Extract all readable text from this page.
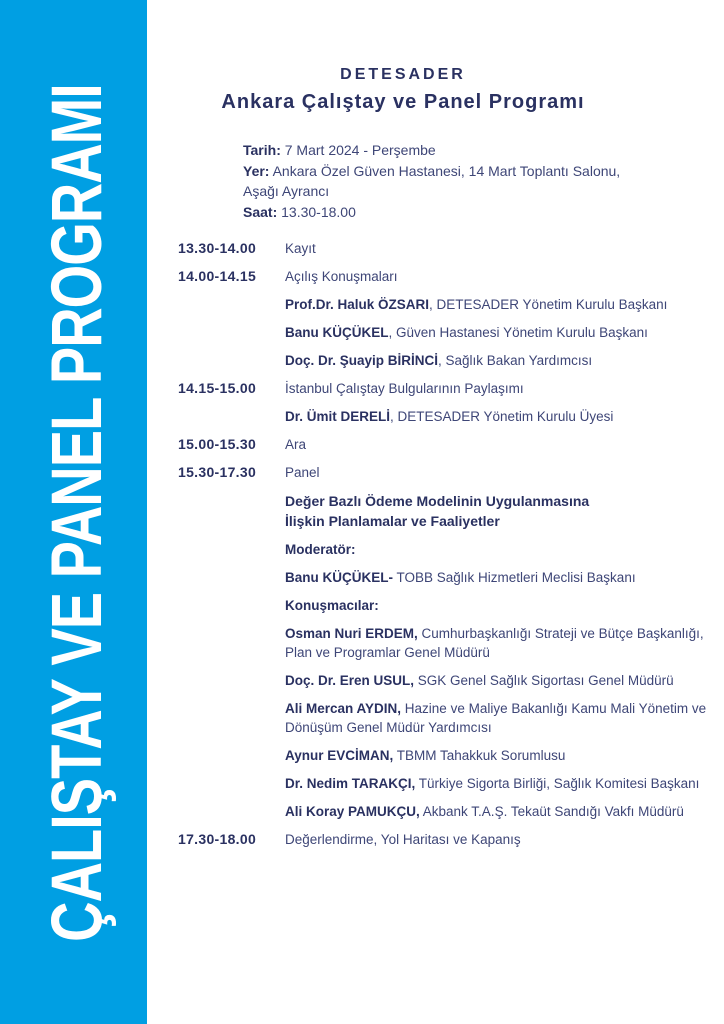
ÇALIŞTAY VE PANEL PROGRAMI
DETESADER
Ankara Çalıştay ve Panel Programı
Tarih: 7 Mart 2024 - Perşembe
Yer: Ankara Özel Güven Hastanesi, 14 Mart Toplantı Salonu, Aşağı Ayrancı
Saat: 13.30-18.00
13.30-14.00	Kayıt

14.00-14.15	Açılış Konuşmaları

Prof.Dr. Haluk ÖZSARI, DETESADER Yönetim Kurulu Başkanı

Banu KÜÇÜKEL, Güven Hastanesi Yönetim Kurulu Başkanı

Doç. Dr. Şuayip BİRİNCİ, Sağlık Bakan Yardımcısı

14.15-15.00	İstanbul Çalıştay Bulgularının Paylaşımı

Dr. Ümit DERELİ, DETESADER Yönetim Kurulu Üyesi

15.00-15.30	Ara

15.30-17.30	Panel

Değer Bazlı Ödeme Modelinin Uygulanmasına İlişkin Planlamalar ve Faaliyetler

Moderatör:

Banu KÜÇÜKEL- TOBB Sağlık Hizmetleri Meclisi Başkanı

Konuşmacılar:

Osman Nuri ERDEM, Cumhurbaşkanlığı Strateji ve Bütçe Başkanlığı, Plan ve Programlar Genel Müdürü

Doç. Dr. Eren USUL, SGK Genel Sağlık Sigortası Genel Müdürü

Ali Mercan AYDIN, Hazine ve Maliye Bakanlığı Kamu Mali Yönetim ve Dönüşüm Genel Müdür Yardımcısı

Aynur EVCİMAN, TBMM Tahakkuk Sorumlusu

Dr. Nedim TARAKÇI, Türkiye Sigorta Birliği, Sağlık Komitesi Başkanı

Ali Koray PAMUKÇU, Akbank T.A.Ş. Tekaüt Sandığı Vakfı Müdürü

17.30-18.00	Değerlendirme, Yol Haritası ve Kapanış
